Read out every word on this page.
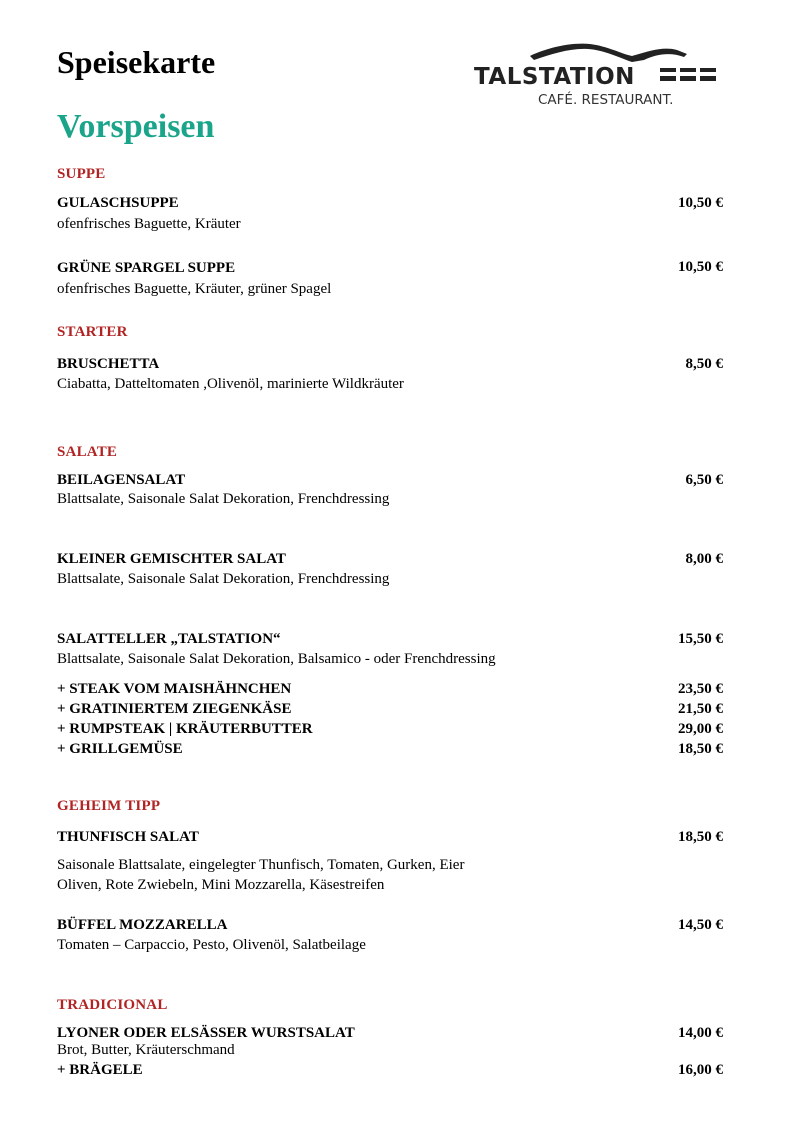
Speisekarte	TALSTATION
CAFÉ. RESTAURANT.
Vorspeisen
SUPPE
GULASCHSUPPE	10,50 €
ofenfrisches Baguette, Kräuter
GRÜNE SPARGEL SUPPE	10,50 €
ofenfrisches Baguette, Kräuter, grüner Spagel
STARTER
BRUSCHETTA	8,50 €
Ciabatta, Datteltomaten ,Olivenöl, marinierte Wildkräuter
SALATE
BEILAGENSALAT	6,50 €
Blattsalate, Saisonale Salat Dekoration, Frenchdressing
KLEINER GEMISCHTER SALAT	8,00 €
Blattsalate, Saisonale Salat Dekoration, Frenchdressing
SALATTELLER „TALSTATION“	15,50 €
Blattsalate, Saisonale Salat Dekoration, Balsamico - oder Frenchdressing
+ STEAK VOM MAISHÄHNCHEN	23,50 €
+ GRATINIERTEM ZIEGENKÄSE	21,50 €
+ RUMPSTEAK | KRÄUTERBUTTER	29,00 €
+ GRILLGEMÜSE	18,50 €
GEHEIM TIPP
THUNFISCH SALAT	18,50 €
Saisonale Blattsalate, eingelegter Thunfisch, Tomaten, Gurken, Eier
Oliven, Rote Zwiebeln, Mini Mozzarella, Käsestreifen
BÜFFEL MOZZARELLA	14,50 €
Tomaten – Carpaccio, Pesto, Olivenöl, Salatbeilage
TRADICIONAL
LYONER ODER ELSÄSSER WURSTSALAT	14,00 €
Brot, Butter, Kräuterschmand
+ BRÄGELE	16,00 €
